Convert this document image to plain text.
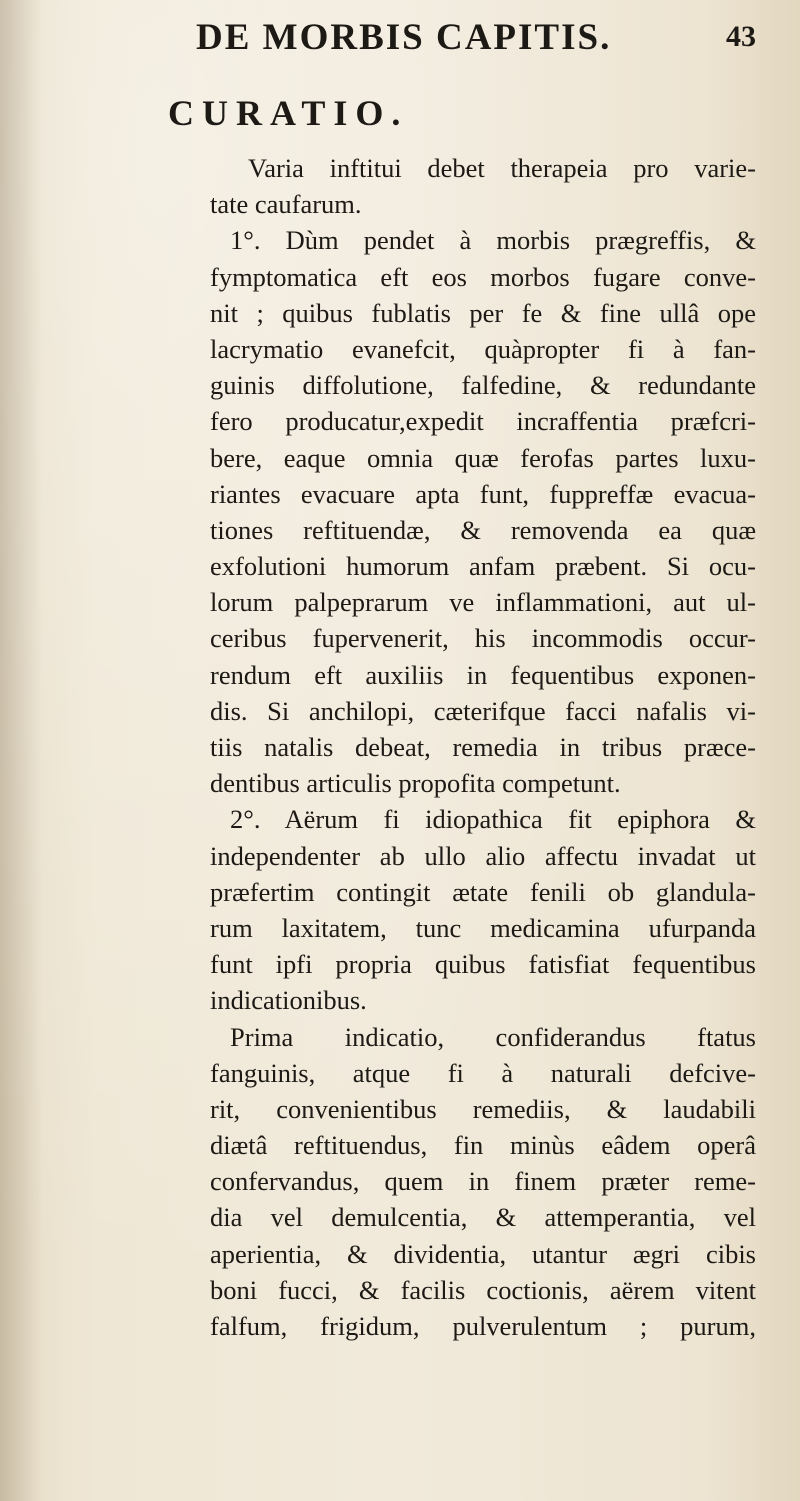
DE MORBIS CAPITIS.	43
CURATIO.
Varia inftitui debet therapeia pro varie-
tate caufarum.
1°. Dùm pendet à morbis prægreffis, &
fymptomatica eft eos morbos fugare conve-
nit ; quibus fublatis per fe & fine ullâ ope
lacrymatio evanefcit, quàpropter fi à fan-
guinis diffolutione, falfedine, & redundante
fero producatur,expedit incraffentia præfcri-
bere, eaque omnia quæ ferofas partes luxu-
riantes evacuare apta funt, fuppreffæ evacua-
tiones reftituendæ, & removenda ea quæ
exfolutioni humorum anfam præbent. Si ocu-
lorum palpeprarum ve inflammationi, aut ul-
ceribus fupervenerit, his incommodis occur-
rendum eft auxiliis in fequentibus exponen-
dis. Si anchilopi, cæterifque facci nafalis vi-
tiis natalis debeat, remedia in tribus præce-
dentibus articulis propofita competunt.
2°. Aërum fi idiopathica fit epiphora &
independenter ab ullo alio affectu invadat ut
præfertim contingit ætate fenili ob glandula-
rum laxitatem, tunc medicamina ufurpanda
funt ipfi propria quibus fatisfiat fequentibus
indicationibus.
Prima indicatio, confiderandus ftatus
fanguinis, atque fi à naturali defcive-
rit, convenientibus remediis, & laudabili
diætâ reftituendus, fin minùs eâdem operâ
confervandus, quem in finem præter reme-
dia vel demulcentia, & attemperantia, vel
aperientia, & dividentia, utantur ægri cibis
boni fucci, & facilis coctionis, aërem vitent
falfum, frigidum, pulverulentum ; purum,
